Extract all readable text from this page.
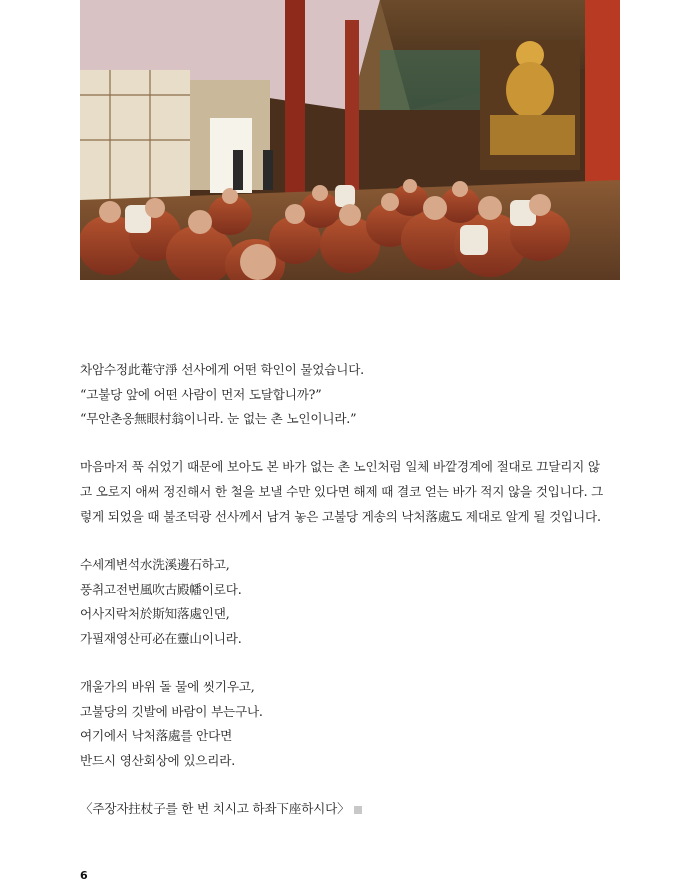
차암수정此菴守淨 선사에게 어떤 학인이 물었습니다.
“고불당 앞에 어떤 사람이 먼저 도달합니까?”
“무안촌옹無眼村翁이니라. 눈 없는 촌 노인이니라.”
마음마저 푹 쉬었기 때문에 보아도 본 바가 없는 촌 노인처럼 일체 바깥경계에 절대로 끄달리지 않
고 오로지 애써 정진해서 한 철을 보낼 수만 있다면 해제 때 결코 얻는 바가 적지 않을 것입니다. 그
렇게 되었을 때 불조덕광 선사께서 남겨 놓은 고불당 게송의 낙처落處도 제대로 알게 될 것입니다.
수세계변석水洗溪邊石하고,
풍취고전번風吹古殿幡이로다.
어사지락처於斯知落處인댄,
가필재영산可必在靈山이니라.
개울가의 바위 돌 물에 씻기우고,
고불당의 깃발에 바람이 부는구나.
여기에서 낙처落處를 안다면
반드시 영산회상에 있으리라.
〈주장자拄杖子를 한 번 치시고 하좌下座하시다〉
6
